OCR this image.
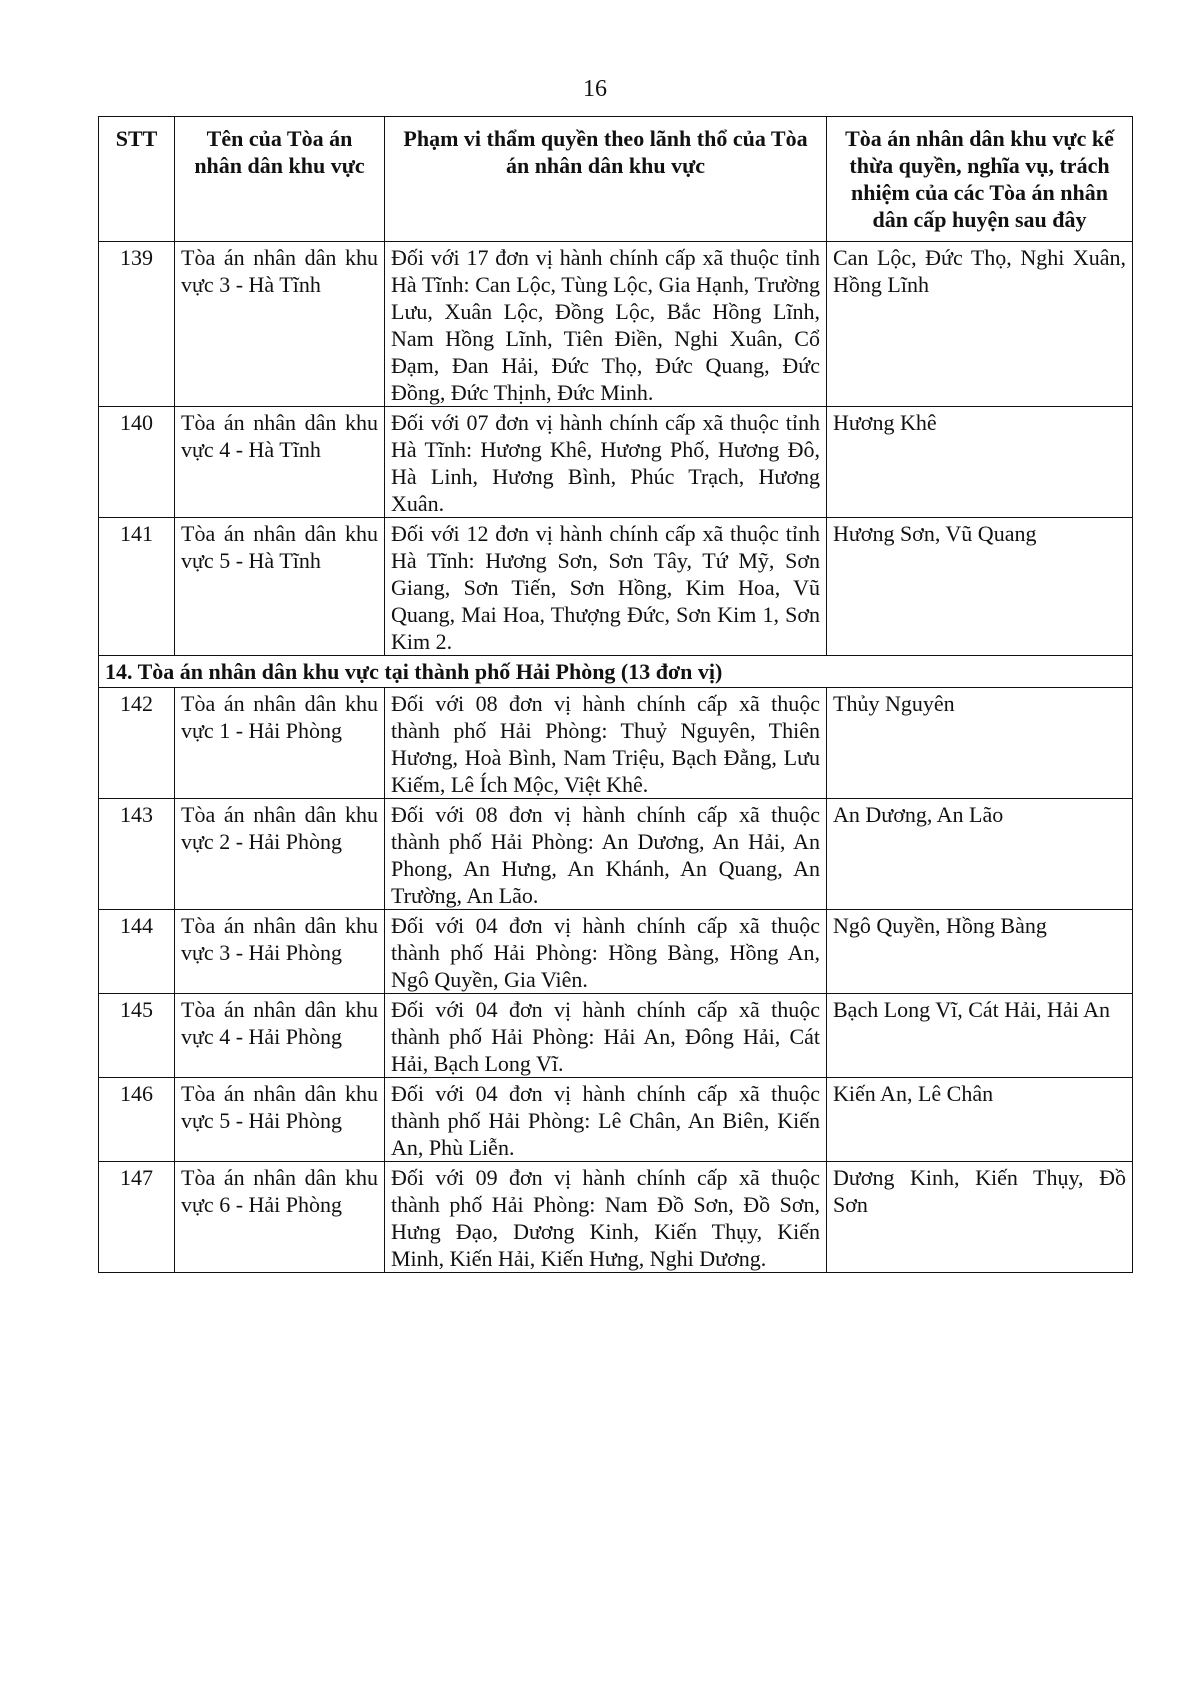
16
STT	Tên của Tòa án nhân dân khu vực	Phạm vi thẩm quyền theo lãnh thổ của Tòa án nhân dân khu vực	Tòa án nhân dân khu vực kế thừa quyền, nghĩa vụ, trách nhiệm của các Tòa án nhân dân cấp huyện sau đây
139	Tòa án nhân dân khu vực 3 - Hà Tĩnh	Đối với 17 đơn vị hành chính cấp xã thuộc tỉnh Hà Tĩnh: Can Lộc, Tùng Lộc, Gia Hạnh, Trường Lưu, Xuân Lộc, Đồng Lộc, Bắc Hồng Lĩnh, Nam Hồng Lĩnh, Tiên Điền, Nghi Xuân, Cổ Đạm, Đan Hải, Đức Thọ, Đức Quang, Đức Đồng, Đức Thịnh, Đức Minh.	Can Lộc, Đức Thọ, Nghi Xuân, Hồng Lĩnh
140	Tòa án nhân dân khu vực 4 - Hà Tĩnh	Đối với 07 đơn vị hành chính cấp xã thuộc tỉnh Hà Tĩnh: Hương Khê, Hương Phố, Hương Đô, Hà Linh, Hương Bình, Phúc Trạch, Hương Xuân.	Hương Khê
141	Tòa án nhân dân khu vực 5 - Hà Tĩnh	Đối với 12 đơn vị hành chính cấp xã thuộc tỉnh Hà Tĩnh: Hương Sơn, Sơn Tây, Tứ Mỹ, Sơn Giang, Sơn Tiến, Sơn Hồng, Kim Hoa, Vũ Quang, Mai Hoa, Thượng Đức, Sơn Kim 1, Sơn Kim 2.	Hương Sơn, Vũ Quang
14. Tòa án nhân dân khu vực tại thành phố Hải Phòng (13 đơn vị)			
142	Tòa án nhân dân khu vực 1 - Hải Phòng	Đối với 08 đơn vị hành chính cấp xã thuộc thành phố Hải Phòng: Thuỷ Nguyên, Thiên Hương, Hoà Bình, Nam Triệu, Bạch Đằng, Lưu Kiếm, Lê Ích Mộc, Việt Khê.	Thủy Nguyên
143	Tòa án nhân dân khu vực 2 - Hải Phòng	Đối với 08 đơn vị hành chính cấp xã thuộc thành phố Hải Phòng: An Dương, An Hải, An Phong, An Hưng, An Khánh, An Quang, An Trường, An Lão.	An Dương, An Lão
144	Tòa án nhân dân khu vực 3 - Hải Phòng	Đối với 04 đơn vị hành chính cấp xã thuộc thành phố Hải Phòng: Hồng Bàng, Hồng An, Ngô Quyền, Gia Viên.	Ngô Quyền, Hồng Bàng
145	Tòa án nhân dân khu vực 4 - Hải Phòng	Đối với 04 đơn vị hành chính cấp xã thuộc thành phố Hải Phòng: Hải An, Đông Hải, Cát Hải, Bạch Long Vĩ.	Bạch Long Vĩ, Cát Hải, Hải An
146	Tòa án nhân dân khu vực 5 - Hải Phòng	Đối với 04 đơn vị hành chính cấp xã thuộc thành phố Hải Phòng: Lê Chân, An Biên, Kiến An, Phù Liễn.	Kiến An, Lê Chân
147	Tòa án nhân dân khu vực 6 - Hải Phòng	Đối với 09 đơn vị hành chính cấp xã thuộc thành phố Hải Phòng: Nam Đồ Sơn, Đồ Sơn, Hưng Đạo, Dương Kinh, Kiến Thụy, Kiến Minh, Kiến Hải, Kiến Hưng, Nghi Dương.	Dương Kinh, Kiến Thụy, Đồ Sơn
